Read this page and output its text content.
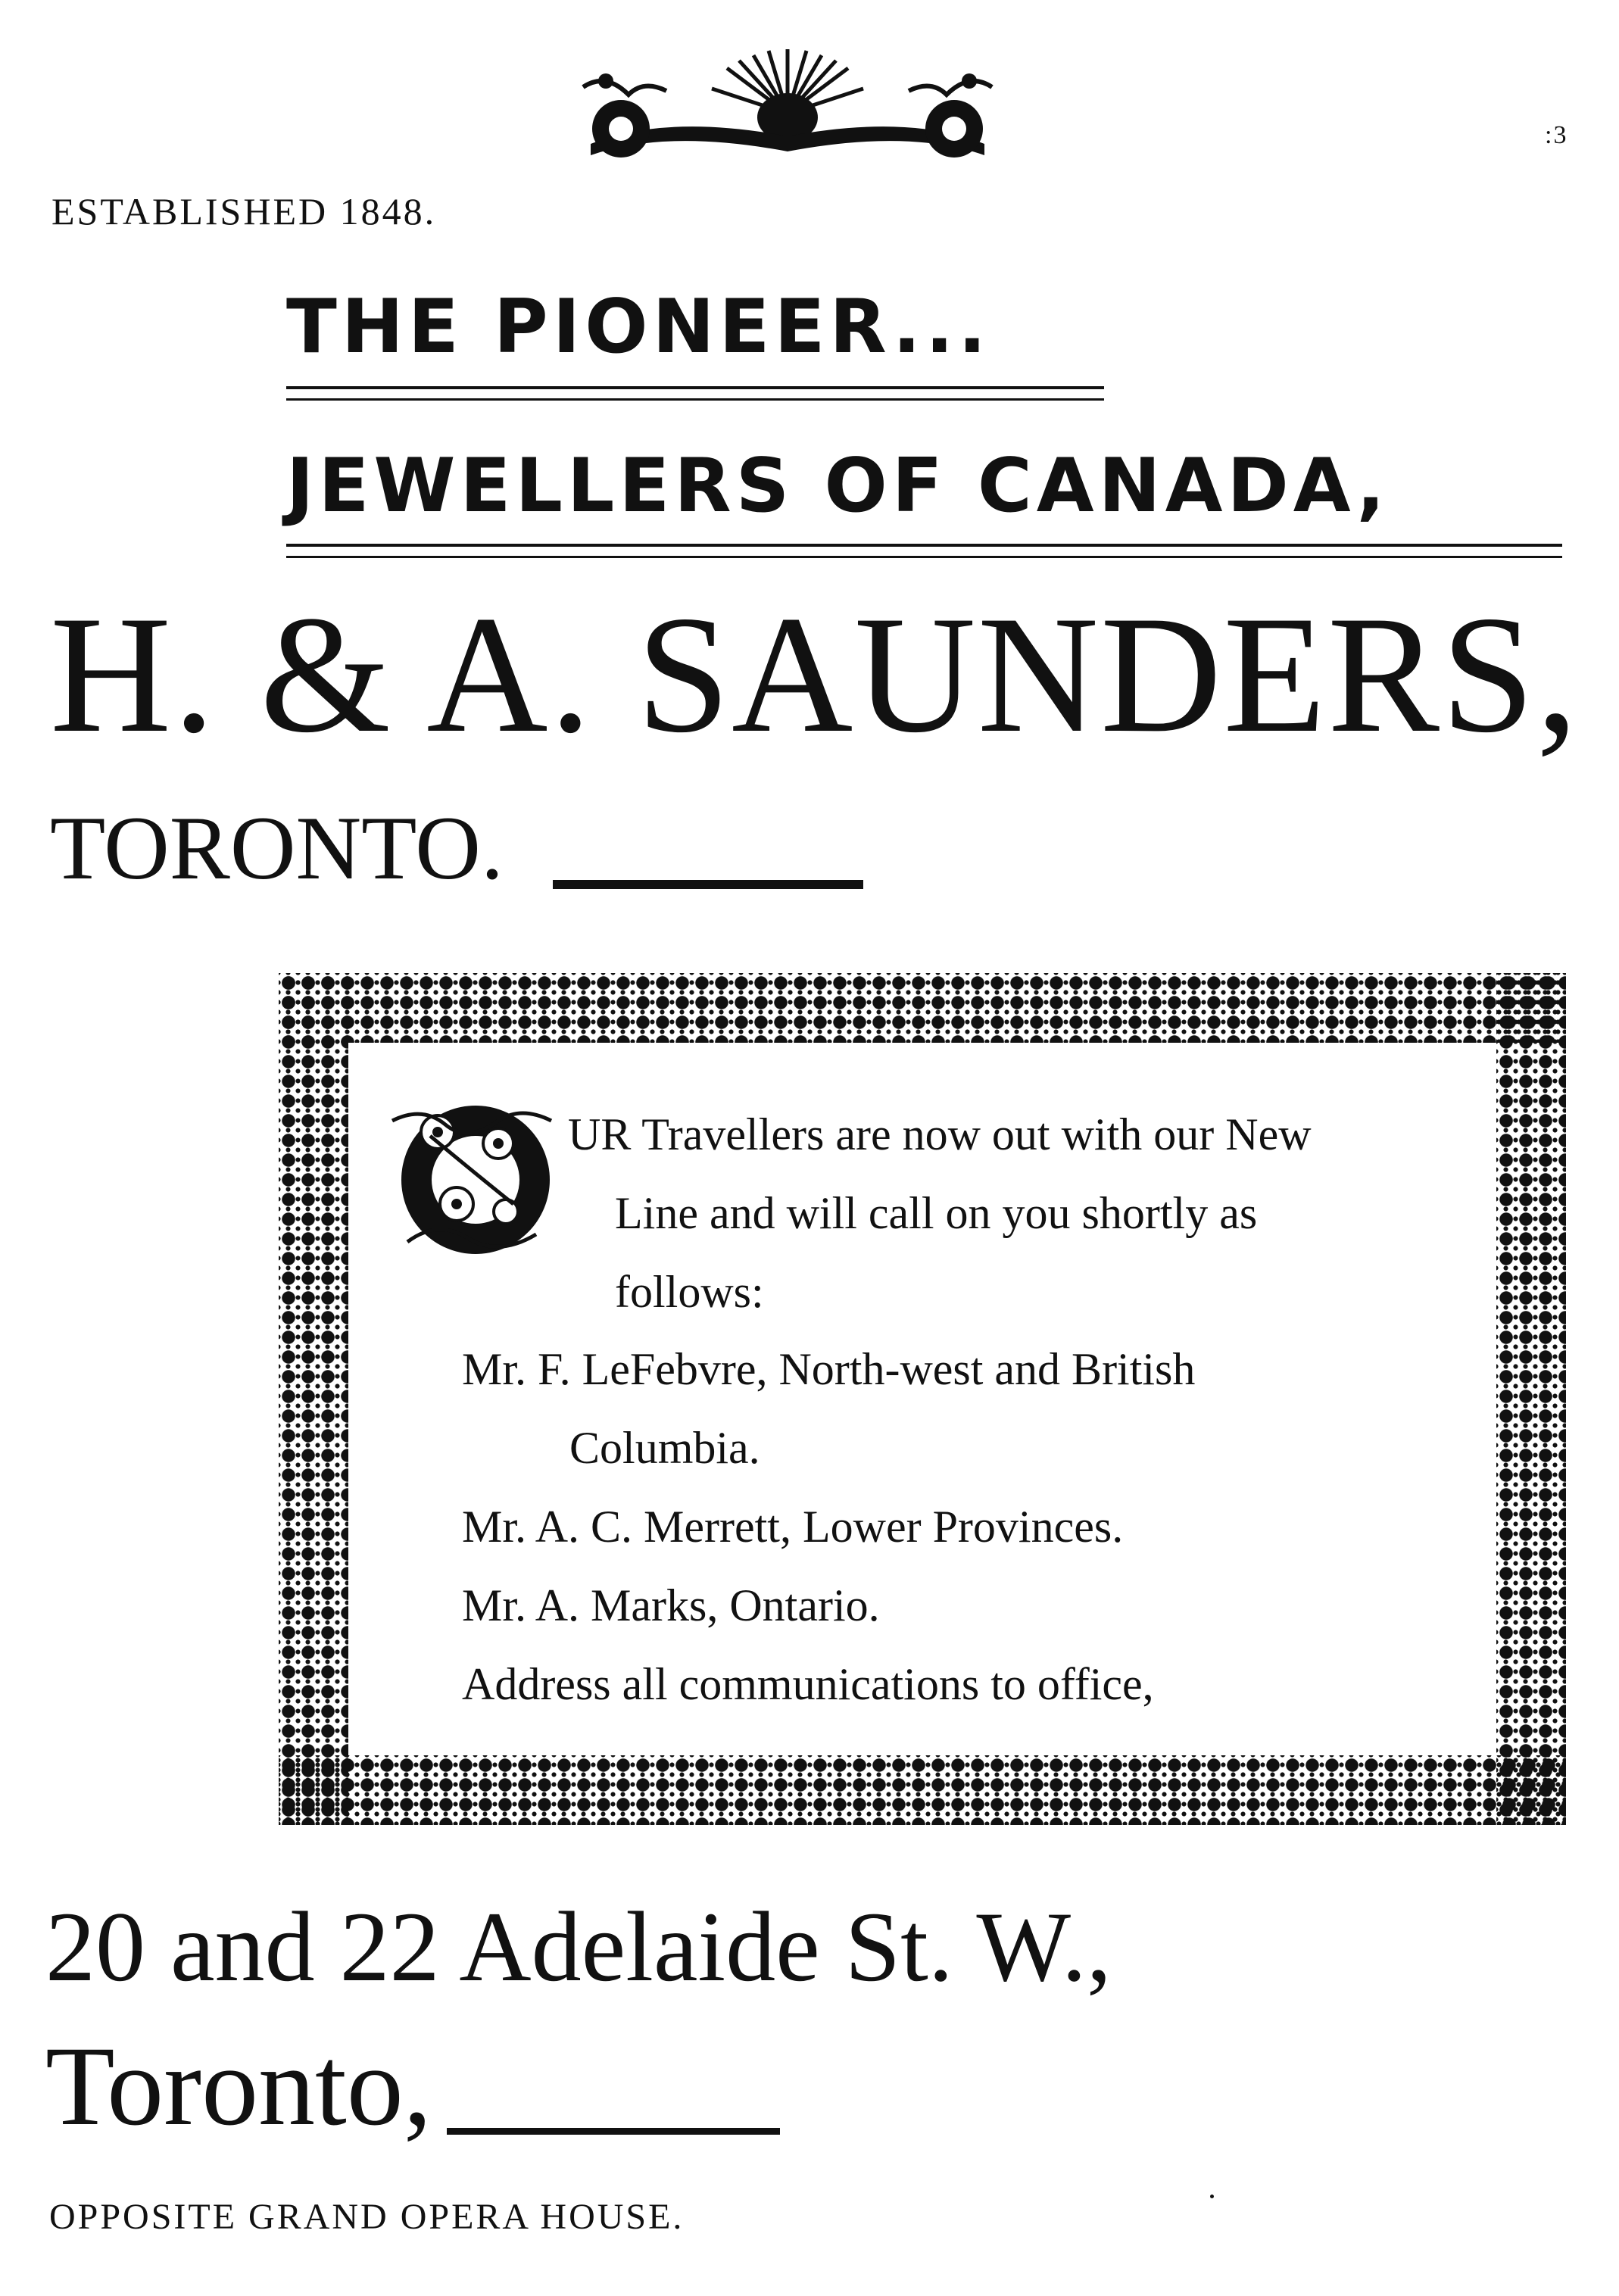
:3
ESTABLISHED 1848.
THE PIONEER...
JEWELLERS OF CANADA,
H. & A. SAUNDERS,
TORONTO.
UR Travellers are now out with our New
Line and will call on you shortly as
follows:
Mr. F. LeFebvre, North-west and British
Columbia.
Mr. A. C. Merrett, Lower Provinces.
Mr. A. Marks, Ontario.
Address all communications to office,
20 and 22 Adelaide St. W.,
Toronto,
OPPOSITE GRAND OPERA HOUSE.
